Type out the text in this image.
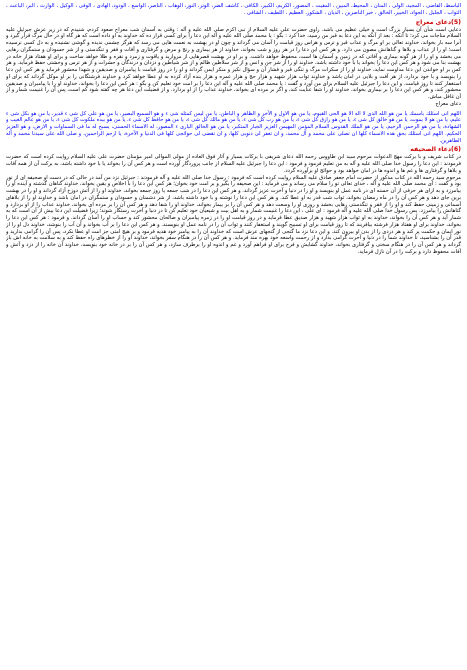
الباسط، القاضى ، المجيد، الولى ، المنان ، المحيط، المبين ، المقيت ، المصور، الكريم، الكبير، الكافى ، كاشف الضر، الوتر، النور، الوهاب ، الناصر، الواسع ، الودود، الهادى ، الوفى ، الوكيل ، الوارث ، البر، الباعث ، التواب ، الجليل ، الجواد، الخبير، الخالق ، خير الناصرين ، الديان ، الشكور، العظيم ، اللطيف ، الشافى .

(5)دعاى معراج

دعايى است شأن آن بسيار بزرگ است و خيلى عظيم مى باشد. راوى حضرت على عليه السلام از نبى اكرم صلى الله عليه و آله : وقتى به آسمان شب معراج صعود كردم، شنيدم كه در زير عرش جبرئيل عليه السلام مناجات مى كرد؛ تا آنكه : بعد از آنكه به اين دعا به قبر من رسيد، خدا كرد : بگو : يا محمد صلى الله عليه و آله اين دعا را براى كسى قرار ده كه خداوند به او داده است كه هر گاه او در حال مرگ قرار گيرد و آنرا سه بار بخواند، خداوند تعالى بر او مرگ و عذاب قبر و ترس و هراس روز قيامت را آسان مى گرداند و چون او در بهشت به نعمت هايى مى رسد كه هرگز چشمى نديده و گوشى نشنيده و به دل كسى نرسيده است؛ او را از عذاب و بلاها و گناهانش مصون مى دارد. و هر كس اين دعا را در هر روز و شب بخواند، خداوند از هر بيمارى و رنج و مرض و گرفتارى و آفات و فقر و تنگدستى و از شر حسودان و ستمگران رهايى مى بخشد و او را از هر گونه بيمارى و آفاتى كه در زمين و آسمان ها است، محفوظ خواهد داشت. و بر او در بهشت قصرهايى از مرواريد و ياقوت و زمرد و نقره و طلا خواهد ساخت و براى او هفتاد هزار خانه در بهشت بنا مى شود و هر كس اين دعا را بخواند يا با خود داشته باشد، خداوند او را از شر جن و انس و از شر سلاطين ظالم و از شر شياطين و دزدان و درندگان و حشرات و از هر ترس و وحشتى حفظ فرمايد. و هر كس بر او خواندن اين دعا مداومت نمايد، خداوند او را از سكرات مرگ و تنگى قبر و فشار آن و سؤال نكير و منكر ايمن گرداند و او را در روز قيامت با پيامبران و صديقين و شهدا محشور فرمايد و هر كس اين دعا را بنويسد و با خود بردارد، از هر آفت و بلايى در امان باشد و خداوند ثواب هزار شهيد و هزار حج و هزار عمره و هزار بنده آزاد كرده به او عطا خواهد كرد و خداوند فرشتگانى را بر او موكل گرداند كه براى او استغفار كنند تا روز قيامت. و اين دعا را جبرئيل عليه السلام براى من آورد و گفت : يا محمد صلى الله عليه و آله اين دعا را بر امت خود تعليم كن و بگو : هر كس اين دعا را بخواند، خداوند او را با پيامبران و صديقين محشور كند، و هر كس اين دعا را بر بيمارى بخواند، خداوند او را شفا عنايت كند، و اگر بر مرده اى بخواند، خداوند عذاب را از او بردارد. و از فضيلت اين دعا هر چه گفته شود كم است، پس آن را غنيمت شمار و از آن غافل مباش.

دعاى معراج

اللهم انى اسئلك باسمك يا من هو الله الذى لا اله الا هو الحى القيوم، يا من هو الاول و الآخر و الظاهر و الباطن، يا من ليس كمثله شى ء و هو السميع البصير، يا من هو على كل شى ء قدير، يا من هو بكل شى ء عليم، يا من هو لا يموت، يا من هو خالق كل شى ء، يا من هو رازق كل شى ء، يا من هو رب كل شى ء، يا من هو مالك كل شى ء، يا من هو حافظ كل شى ء، يا من هو بيده ملكوت كل شى ء، يا من هو عالم الغيب و الشهادة، يا من هو الرحمن الرحيم، يا من هو الملك القدوس السلام المؤمن المهيمن العزيز الجبار المتكبر، يا من هو الخالق البارى ء المصور، له الاسماء الحسنى، يسبح له ما فى السماوات و الارض، و هو العزيز الحكيم. اللهم انى اسئلك بحق هذه الاسماء كلها ان تصلى على محمد و آل محمد، و ان تغفر لى ذنوبى كلها، و ان تقضى لى حوائجى كلها فى الدنيا و الآخرة، يا ارحم الراحمين، و صلى الله على سيدنا محمد و آله الطاهرين.

(6)دعاء الصحيفه

در كتاب شريف و با بركت مهج الدعوات مرحوم سيد ابن طاووس رحمه الله دعاى شريفى با بركات بسيار و آثار فوق العاده از مولى الموالى امير مؤمنان حضرت على عليه السلام روايت كرده است كه حضرت فرمودند : اين دعا را رسول خدا صلى الله عليه و آله به من تعليم فرمود و فرمود : اين دعا را جبرئيل عليه السلام از جانب پروردگار آورده است و هر كس آن را بخواند يا با خود داشته باشد، به بركت آن از همه آفات و بلاها و گرفتارى ها و غم ها و اندوه ها در امان خواهد بود و حوائج او برآورده گردد.

مرحوم سيد رحمه الله در كتاب مذكور از حضرت امام جعفر صادق عليه السلام روايت كرده است كه فرمود : رسول خدا صلى الله عليه و آله فرمودند : جبرئيل نزد من آمد در حالى كه در دست او صحيفه اى از نور بود و گفت : اى محمد صلى الله عليه و آله ، خداى تعالى تو را سلام مى رساند و مى فرمايد : اين صحيفه را بگير و بر امت خود بخوان؛ هر كس اين دعا را با اخلاص و يقين بخواند، خداوند گناهان گذشته و آينده او را بيامرزد و به ازاى هر حرفى از آن حسنه اى در نامه عمل او بنويسد و او را در دنيا و آخرت عزيز گرداند. و هر كس اين دعا را در شب جمعه يا روز جمعه بخواند، خداوند او را از آتش دوزخ آزاد گرداند و او را در بهشت برين جاى دهد و هر كس آن را در ماه رمضان بخواند، ثواب شب قدر به او عطا كند. و هر كس اين دعا را نوشته و با خود داشته باشد، از شر دشمنان و حسودان و ستمگران در امان باشد و خداوند او را از بلاهاى آسمانى و زمينى حفظ كند و او را از فقر و تنگدستى رهايى بخشد و روزى او را وسعت دهد و هر كس آن را بر بيمار بخواند، خداوند او را شفا دهد و هر كس آن را بر مرده اى بخواند، خداوند عذاب را از او بردارد و گناهانش را بيامرزد. پس رسول خدا صلى الله عليه و آله فرمود : اى على ، اين دعا را غنيمت شمار و به اهل بيت و شيعيان خود تعليم كن تا در دنيا و آخرت رستگار شوند؛ زيرا فضيلت اين دعا بيش از آن است كه به شمار آيد و هر كس آن را بخواند، خداوند به او ثواب هزار شهيد و هزار صديق عطا فرمايد و در روز قيامت او را در زمره پيامبران و صالحان محشور كند و حساب او را آسان گرداند. و فرمود : هر كس اين دعا را بخواند، خداوند براى او هفتاد هزار فرشته بيافريند كه تا روز قيامت براى او تسبيح گويند و استغفار كنند و ثواب آن را در نامه عمل او بنويسند. و هر كس اين دعا را بر آب بخواند و آن آب را بنوشد، خداوند دل او را از نور ايمان و حكمت پر كند و هر دردى را از بدن او بيرون كند. و اين دعا نزد ما گنجى از گنجهاى عرش است كه خداوند آن را به پيامبر خود هديه فرمود و بر هيچ امتى جز امت او عطا نكرد، پس آن را گرامى بداريد و قدر آن را بشناسيد، تا خداوند شما را در دنيا و آخرت گرامى بدارد و از رحمت واسعه خود بهره مند فرمايد. و هر كس آن را در هنگام سفر بخواند، خداوند او را از خطرهاى راه حفظ كند و به سلامت به خانه اش باز گرداند و هر كس آن را در هنگام سختى و گرفتارى بخواند، خداوند گشايش و فرج براى او فراهم آورد و غم و اندوه او را برطرف سازد، و هر كس آن را بر در خانه خود بنويسد، خداوند آن خانه را از دزد و آتش و آفات محفوظ دارد و بركت را در آن نازل فرمايد.
